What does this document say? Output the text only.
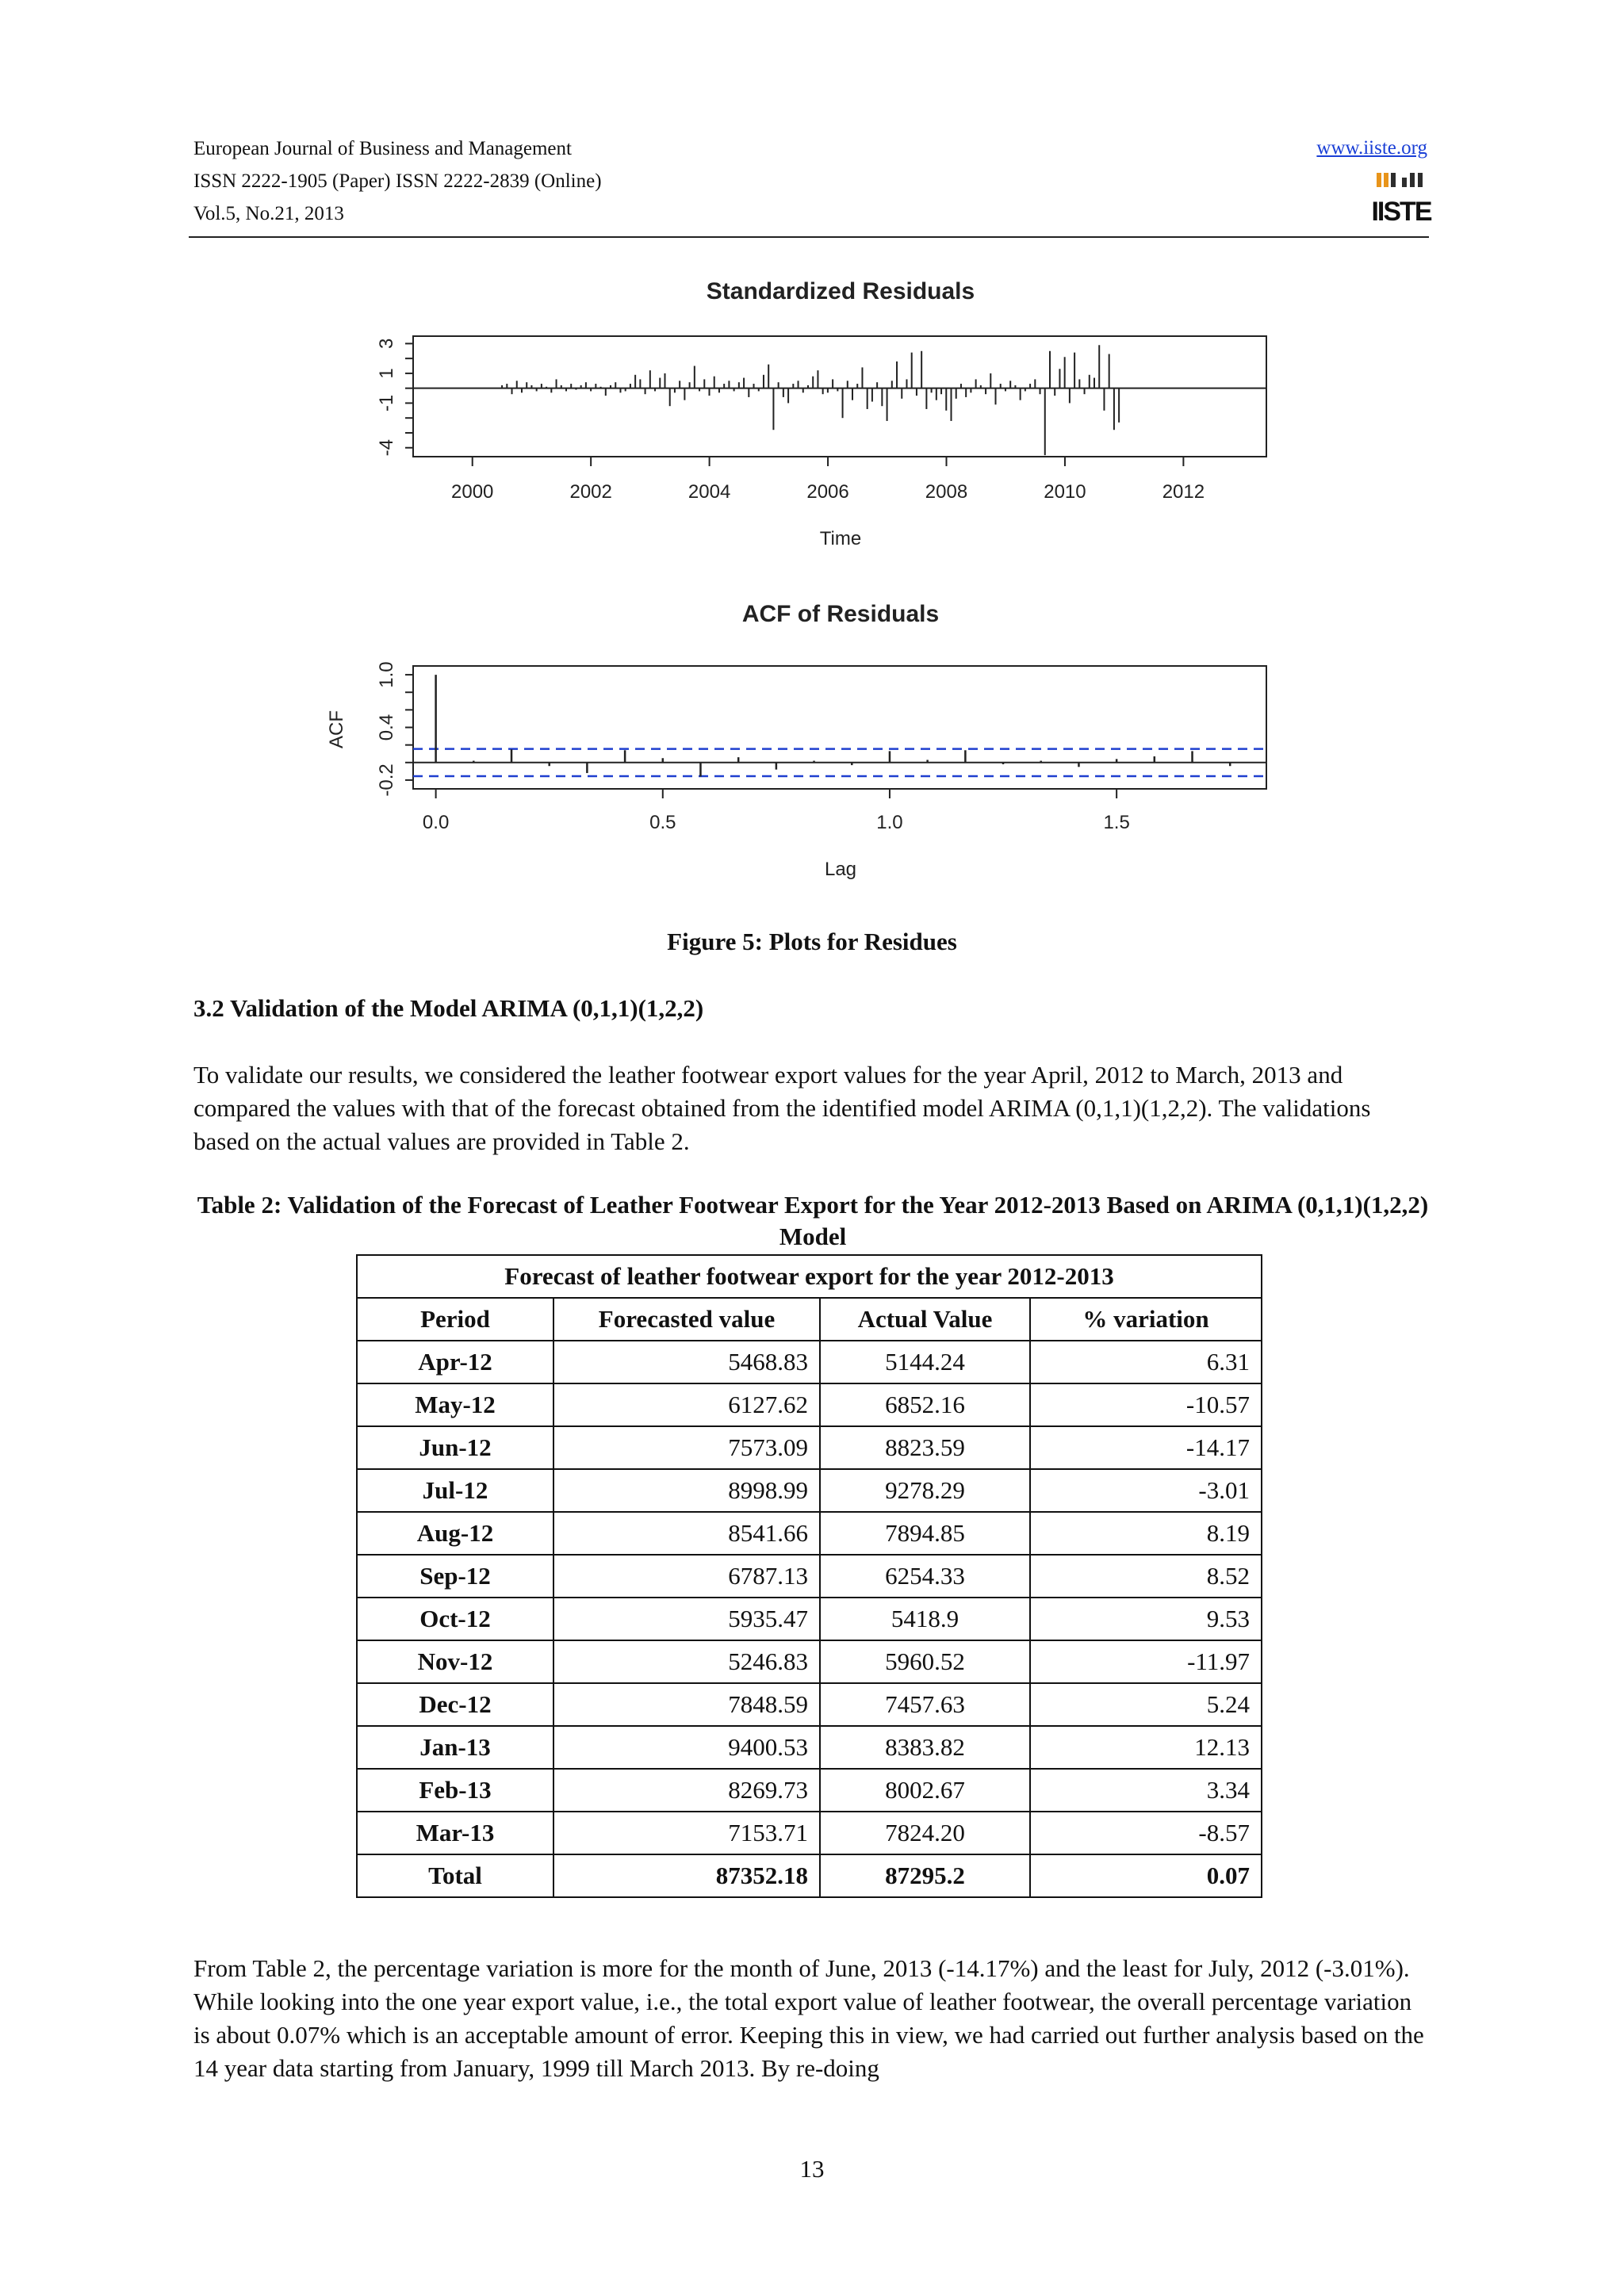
European Journal of Business and Management
ISSN 2222-1905 (Paper) ISSN 2222-2839 (Online)
Vol.5, No.21, 2013
www.iiste.org
IISTE
Standardized Residuals
2000	2002	2004	2006	2008	2010	2012
-4
-1
1
3
Time
ACF of Residuals
0.0	0.5	1.0	1.5
-0.2
0.4
1.0
Lag
ACF
Figure 5: Plots for Residues
3.2 Validation of the Model ARIMA (0,1,1)(1,2,2)
To validate our results, we considered the leather footwear export values for the year April, 2012 to March, 2013 and compared the values with that of the forecast obtained from the identified model ARIMA (0,1,1)(1,2,2). The validations based on the actual values are provided in Table 2.
Table 2: Validation of the Forecast of Leather Footwear Export for the Year 2012-2013 Based on ARIMA (0,1,1)(1,2,2) Model
Forecast of leather footwear export for the year 2012-2013			
Period	Forecasted value	Actual Value	% variation
Apr-12	5468.83	5144.24	6.31
May-12	6127.62	6852.16	-10.57
Jun-12	7573.09	8823.59	-14.17
Jul-12	8998.99	9278.29	-3.01
Aug-12	8541.66	7894.85	8.19
Sep-12	6787.13	6254.33	8.52
Oct-12	5935.47	5418.9	9.53
Nov-12	5246.83	5960.52	-11.97
Dec-12	7848.59	7457.63	5.24
Jan-13	9400.53	8383.82	12.13
Feb-13	8269.73	8002.67	3.34
Mar-13	7153.71	7824.20	-8.57
Total	87352.18	87295.2	0.07
From Table 2, the percentage variation is more for the month of June, 2013 (-14.17%) and the least for July, 2012 (-3.01%). While looking into the one year export value, i.e., the total export value of leather footwear, the overall percentage variation is about 0.07% which is an acceptable amount of error. Keeping this in view, we had carried out further analysis based on the 14 year data starting from January, 1999 till March 2013. By re-doing
13
